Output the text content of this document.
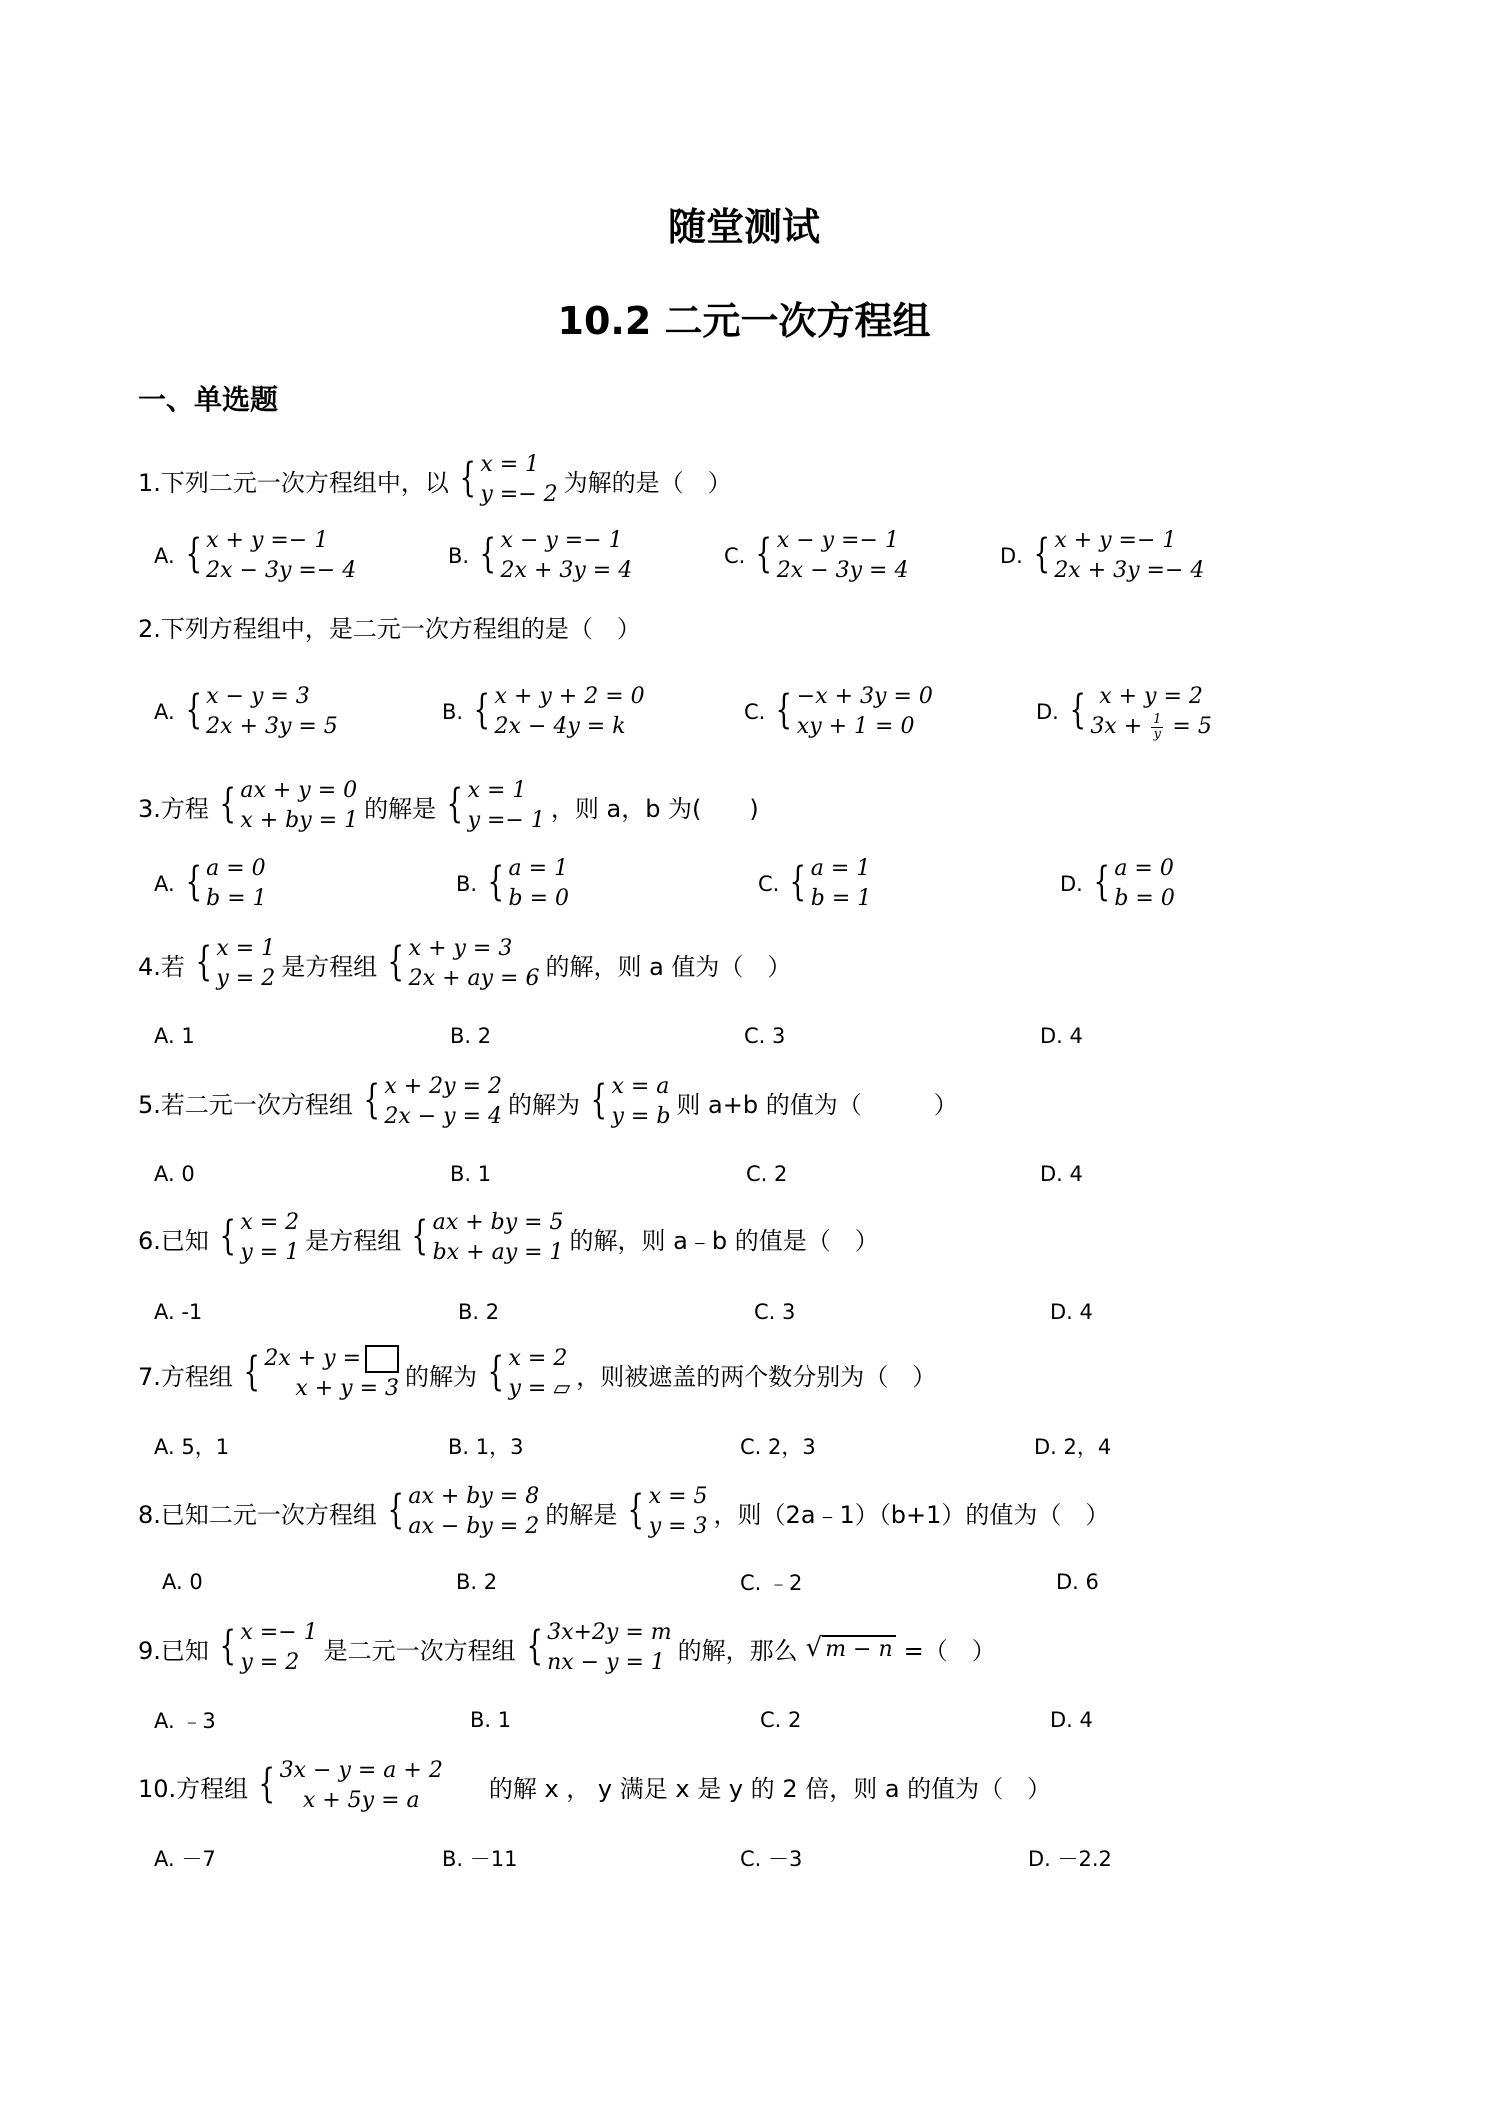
随堂测试
10.2 二元一次方程组
一、单选题
1.下列二元一次方程组中，以 { x = 1
y =− 2 为解的是（　）
A. { x + y =− 1
2x − 3y =− 4
B. { x − y =− 1
2x + 3y = 4
C. { x − y =− 1
2x − 3y = 4
D. { x + y =− 1
2x + 3y =− 4
2.下列方程组中，是二元一次方程组的是（　）
A. { x − y = 3
2x + 3y = 5
B. { x + y + 2 = 0
2x − 4y = k
C. { −x + 3y = 0
xy + 1 = 0
D. { x + y = 2
$3x + \frac{1}{y} = 5$
3.方程 { ax + y = 0
x + by = 1 的解是 { x = 1
y =− 1 ，则 a，b 为(　　)
A. { a = 0
b = 1
B. { a = 1
b = 0
C. { a = 1
b = 1
D. { a = 0
b = 0
4.若 { x = 1
y = 2 是方程组 { x + y = 3
2x + ay = 6 的解，则 a 值为（　）
A. 1	B. 2	C. 3	D. 4
5.若二元一次方程组 { x + 2y = 2
2x − y = 4 的解为 { x = a
y = b 则 a+b 的值为（　　　）
A. 0	B. 1	C. 2	D. 4
6.已知 { x = 2
y = 1 是方程组 { ax + by = 5
bx + ay = 1 的解，则 a﹣b 的值是（　）
A. -1	B. 2	C. 3	D. 4
7.方程组 { 2x + y =
x + y = 3 的解为 { x = 2
y = ▱ ，则被遮盖的两个数分别为（　）
A. 5，1	B. 1，3	C. 2，3	D. 2，4
8.已知二元一次方程组 { ax + by = 8
ax − by = 2 的解是 { x = 5
y = 3 ，则（2a﹣1）（b+1）的值为（　）
A. 0	B. 2	C. ﹣2	D. 6
9.已知 { x =− 1
y = 2 是二元一次方程组 { 3x+2y = m
nx − y = 1 的解，那么 √ m − n =（　）
A. ﹣3	B. 1	C. 2	D. 4
10.方程组 { 3x − y = a + 2
x + 5y = a	的解 x ， y 满足 x 是 y 的 2 倍，则 a 的值为（　）
A. －7	B. －11	C. －3	D. －2.2
